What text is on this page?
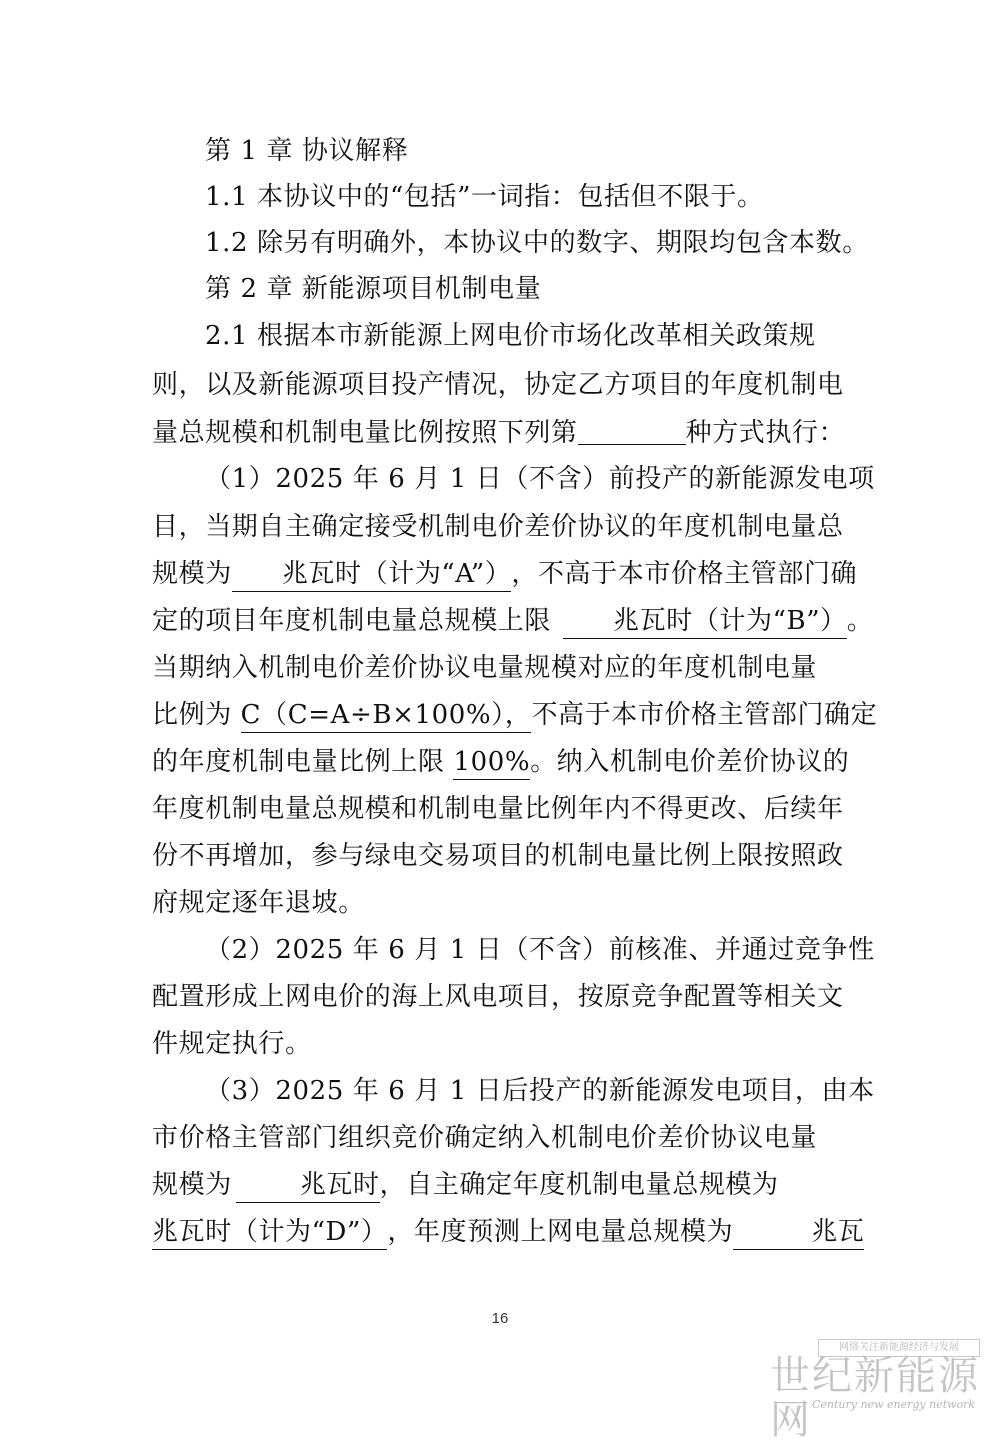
第 1 章 协议解释
1.1 本协议中的“包括”一词指：包括但不限于。
1.2 除另有明确外，本协议中的数字、期限均包含本数。
第 2 章 新能源项目机制电量
2.1 根据本市新能源上网电价市场化改革相关政策规
则，以及新能源项目投产情况，协定乙方项目的年度机制电
量总规模和机制电量比例按照下列第	种方式执行：
（1）2025 年 6 月 1 日（不含）前投产的新能源发电项
目，当期自主确定接受机制电价差价协议的年度机制电量总
规模为 兆瓦时（计为“A”），不高于本市价格主管部门确
定的项目年度机制电量总规模上限 兆瓦时（计为“B”）。
当期纳入机制电价差价协议电量规模对应的年度机制电量
比例为 C（C=A÷B×100%），不高于本市价格主管部门确定
的年度机制电量比例上限 100%。纳入机制电价差价协议的
年度机制电量总规模和机制电量比例年内不得更改、后续年
份不再增加，参与绿电交易项目的机制电量比例上限按照政
府规定逐年退坡。
（2）2025 年 6 月 1 日（不含）前核准、并通过竞争性
配置形成上网电价的海上风电项目，按原竞争配置等相关文
件规定执行。
（3）2025 年 6 月 1 日后投产的新能源发电项目，由本
市价格主管部门组织竞价确定纳入机制电价差价协议电量
规模为	兆瓦时，自主确定年度机制电量总规模为
兆瓦时（计为“D”），年度预测上网电量总规模为	兆瓦
16
网络关注新能源经济与发展
世纪新能源网 Century new energy network
